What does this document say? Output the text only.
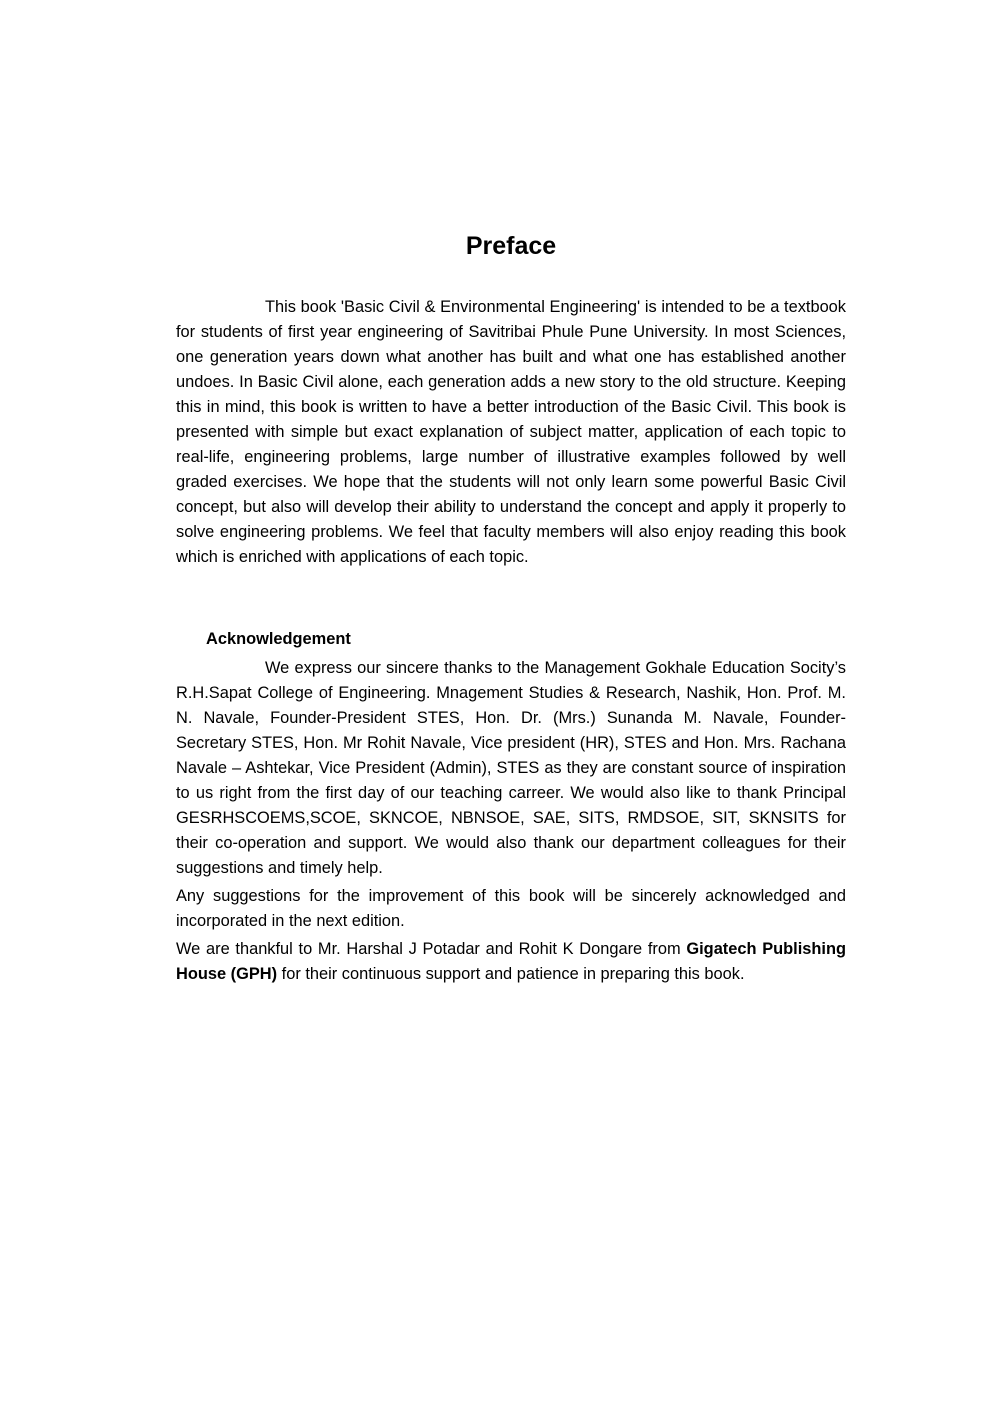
Preface

This book 'Basic Civil & Environmental Engineering' is intended to be a textbook for students of first year engineering of Savitribai Phule Pune University. In most Sciences, one generation years down what another has built and what one has established another undoes. In Basic Civil alone, each generation adds a new story to the old structure. Keeping this in mind, this book is written to have a better introduction of the Basic Civil. This book is presented with simple but exact explanation of subject matter, application of each topic to real-life, engineering problems, large number of illustrative examples followed by well graded exercises. We hope that the students will not only learn some powerful Basic Civil concept, but also will develop their ability to understand the concept and apply it properly to solve engineering problems. We feel that faculty members will also enjoy reading this book which is enriched with applications of each topic.

Acknowledgement

We express our sincere thanks to the Management Gokhale Education Socity’s R.H.Sapat College of Engineering. Mnagement Studies & Research, Nashik, Hon. Prof. M. N. Navale, Founder-President STES, Hon. Dr. (Mrs.) Sunanda M. Navale, Founder- Secretary STES, Hon. Mr Rohit Navale, Vice president (HR), STES and Hon. Mrs. Rachana Navale – Ashtekar, Vice President (Admin), STES as they are constant source of inspiration to us right from the first day of our teaching carreer. We would also like to thank Principal GESRHSCOEMS,SCOE, SKNCOE, NBNSOE, SAE, SITS, RMDSOE, SIT, SKNSITS for their co-operation and support. We would also thank our department colleagues for their suggestions and timely help.

Any suggestions for the improvement of this book will be sincerely acknowledged and incorporated in the next edition.

We are thankful to Mr. Harshal J Potadar and Rohit K Dongare from Gigatech Publishing House (GPH) for their continuous support and patience in preparing this book.
